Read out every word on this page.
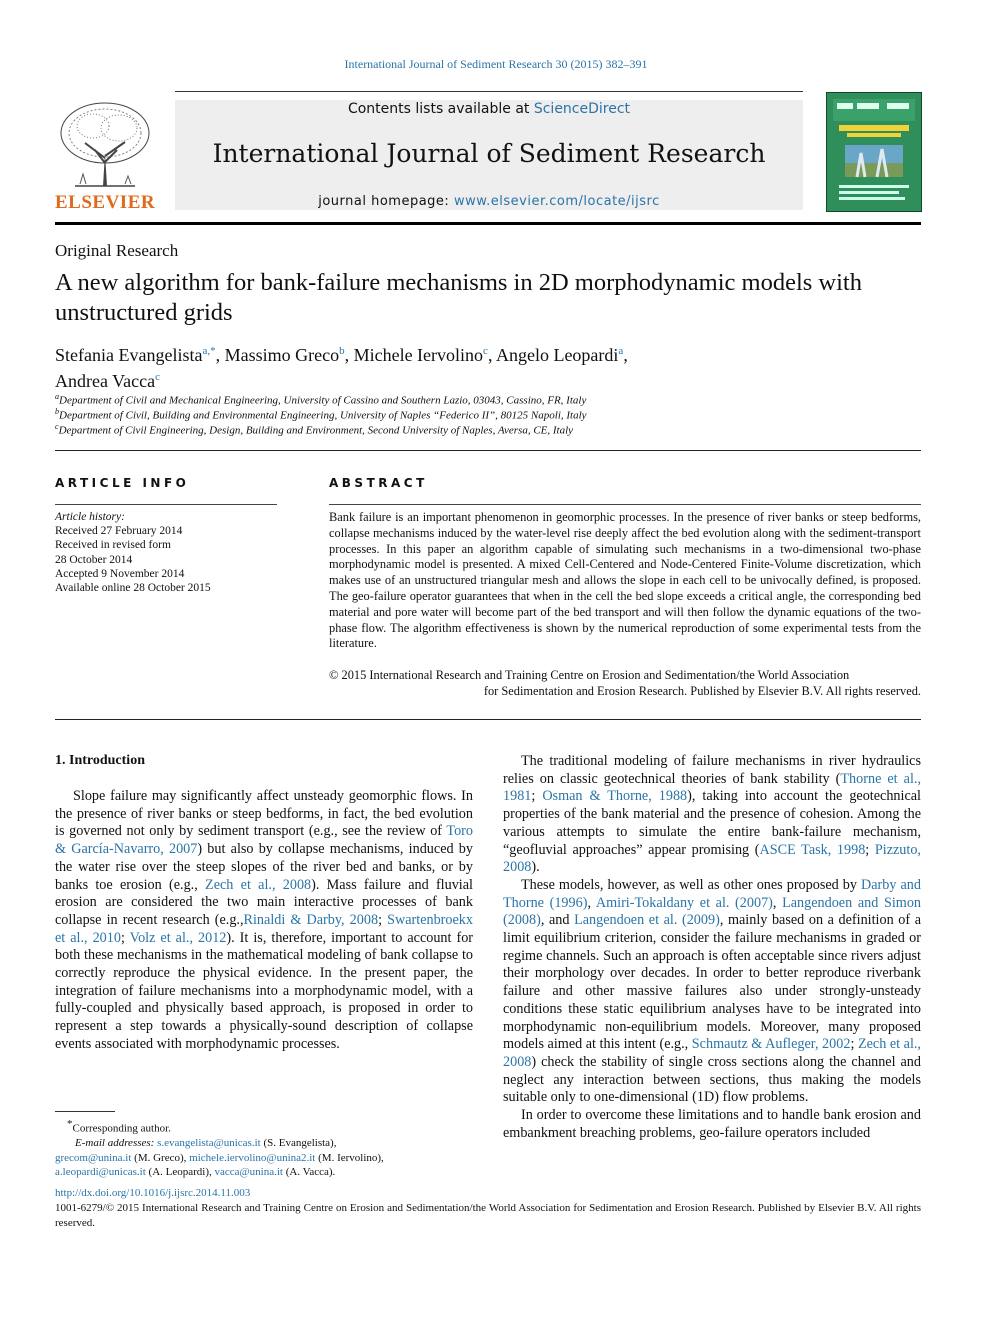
International Journal of Sediment Research 30 (2015) 382–391
ELSEVIER
Contents lists available at ScienceDirect
International Journal of Sediment Research
journal homepage: www.elsevier.com/locate/ijsrc
Original Research
A new algorithm for bank-failure mechanisms in 2D morphodynamic models with unstructured grids
Stefania Evangelista$^{a,*}$, Massimo Greco$^b$, Michele Iervolino$^c$, Angelo Leopardi$^a$,
Andrea Vacca$^c$
$^a$Department of Civil and Mechanical Engineering, University of Cassino and Southern Lazio, 03043, Cassino, FR, Italy
$^b$Department of Civil, Building and Environmental Engineering, University of Naples “Federico II”, 80125 Napoli, Italy
$^c$Department of Civil Engineering, Design, Building and Environment, Second University of Naples, Aversa, CE, Italy
ARTICLE INFO	ABSTRACT
Article history:
Received 27 February 2014
Received in revised form
28 October 2014
Accepted 9 November 2014
Available online 28 October 2015
Bank failure is an important phenomenon in geomorphic processes. In the presence of river banks or steep bedforms, collapse mechanisms induced by the water-level rise deeply affect the bed evolution along with the sediment-transport processes. In this paper an algorithm capable of simulating such mechanisms in a two-dimensional two-phase morphodynamic model is presented. A mixed Cell-Centered and Node-Centered Finite-Volume discretization, which makes use of an unstructured triangular mesh and allows the slope in each cell to be univocally defined, is proposed. The geo-failure operator guarantees that when in the cell the bed slope exceeds a critical angle, the corresponding bed material and pore water will become part of the bed transport and will then follow the dynamic equations of the two-phase flow. The algorithm effectiveness is shown by the numerical reproduction of some experimental tests from the literature.
© 2015 International Research and Training Centre on Erosion and Sedimentation/the World Association
for Sedimentation and Erosion Research. Published by Elsevier B.V. All rights reserved.
1. Introduction

Slope failure may significantly affect unsteady geomorphic flows. In the presence of river banks or steep bedforms, in fact, the bed evolution is governed not only by sediment transport (e.g., see the review of Toro & García-Navarro, 2007) but also by collapse mechanisms, induced by the water rise over the steep slopes of the river bed and banks, or by banks toe erosion (e.g., Zech et al., 2008). Mass failure and fluvial erosion are considered the two main interactive processes of bank collapse in recent research (e.g.,Rinaldi & Darby, 2008; Swartenbroekx et al., 2010; Volz et al., 2012). It is, therefore, important to account for both these mechanisms in the mathematical modeling of bank collapse to correctly reproduce the physical evidence. In the present paper, the integration of failure mechanisms into a morphodynamic model, with a fully-coupled and physically based approach, is proposed in order to represent a step towards a physically-sound description of collapse events associated with morphodynamic processes.

The traditional modeling of failure mechanisms in river hydraulics relies on classic geotechnical theories of bank stability (Thorne et al., 1981; Osman & Thorne, 1988), taking into account the geotechnical properties of the bank material and the presence of cohesion. Among the various attempts to simulate the entire bank-failure mechanism, “geofluvial approaches” appear promising (ASCE Task, 1998; Pizzuto, 2008).

These models, however, as well as other ones proposed by Darby and Thorne (1996), Amiri-Tokaldany et al. (2007), Langendoen and Simon (2008), and Langendoen et al. (2009), mainly based on a definition of a limit equilibrium criterion, consider the failure mechanisms in graded or regime channels. Such an approach is often acceptable since rivers adjust their morphology over decades. In order to better reproduce riverbank failure and other massive failures also under strongly-unsteady conditions these static equilibrium analyses have to be integrated into morphodynamic non-equilibrium models. Moreover, many proposed models aimed at this intent (e.g., Schmautz & Aufleger, 2002; Zech et al., 2008) check the stability of single cross sections along the channel and neglect any interaction between sections, thus making the models suitable only to one-dimensional (1D) flow problems.

In order to overcome these limitations and to handle bank erosion and embankment breaching problems, geo-failure operators included

*Corresponding author.
E-mail addresses: s.evangelista@unicas.it (S. Evangelista),
grecom@unina.it (M. Greco), michele.iervolino@unina2.it (M. Iervolino),
a.leopardi@unicas.it (A. Leopardi), vacca@unina.it (A. Vacca).
http://dx.doi.org/10.1016/j.ijsrc.2014.11.003
1001-6279/© 2015 International Research and Training Centre on Erosion and Sedimentation/the World Association for Sedimentation and Erosion Research. Published by Elsevier B.V. All rights reserved.
